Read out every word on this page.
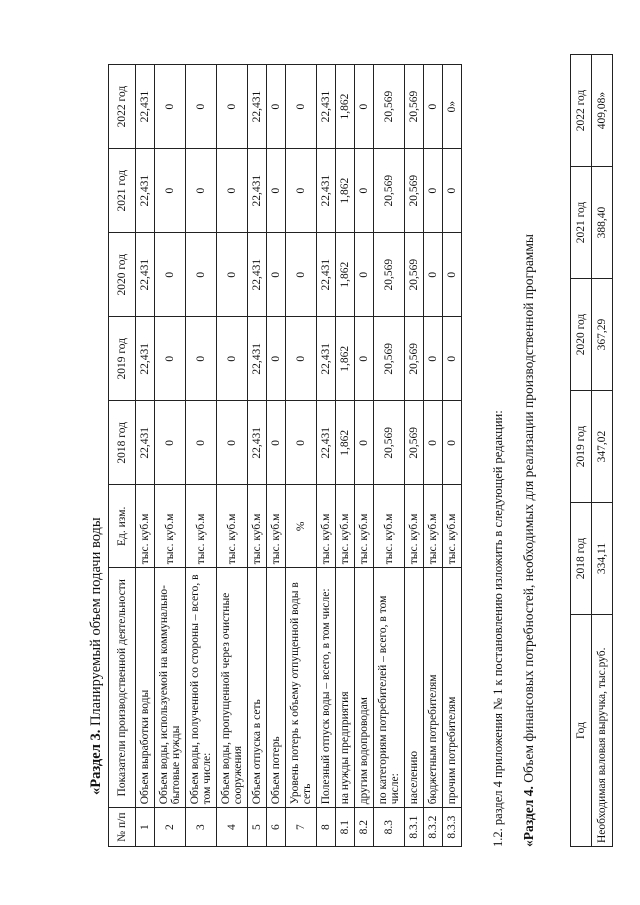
«Раздел 3. Планируемый объем подачи воды
№ п/п	Показатели производственной деятельности	Ед. изм.	2018 год	2019 год	2020 год	2021 год	2022 год
1	Объем выработки воды	тыс. куб.м	22,431	22,431	22,431	22,431	22,431
2	Объем воды, используемой на коммунально-бытовые нужды	тыс. куб.м	0	0	0	0	0
3	Объем воды, полученной со стороны – всего, в том числе:	тыс. куб.м	0	0	0	0	0
4	Объем воды, пропущенной через очистные сооружения	тыс. куб.м	0	0	0	0	0
5	Объем отпуска в сеть	тыс. куб.м	22,431	22,431	22,431	22,431	22,431
6	Объем потерь	тыс. куб.м	0	0	0	0	0
7	Уровень потерь к объему отпущенной воды в сеть	%	0	0	0	0	0
8	Полезный отпуск воды – всего, в том числе:	тыс. куб.м	22,431	22,431	22,431	22,431	22,431
8.1	на нужды предприятия	тыс. куб.м	1,862	1,862	1,862	1,862	1,862
8.2	другим водопроводам	тыс. куб.м	0	0	0	0	0
8.3	по категориям потребителей – всего, в том числе:	тыс. куб.м	20,569	20,569	20,569	20,569	20,569
8.3.1	населению	тыс. куб.м	20,569	20,569	20,569	20,569	20,569
8.3.2	бюджетным потребителям	тыс. куб.м	0	0	0	0	0
8.3.3	прочим потребителям	тыс. куб.м	0	0	0	0	0»
1.2. раздел 4 приложения № 1 к постановлению изложить в следующей редакции: «Раздел 4. Объем финансовых потребностей, необходимых для реализации производственной программы	Год	2018 год	2019 год	2020 год	2021 год	2022 год
Необходимая валовая выручка, тыс.руб.	334,11	347,02	367,29	388,40	409,08»
